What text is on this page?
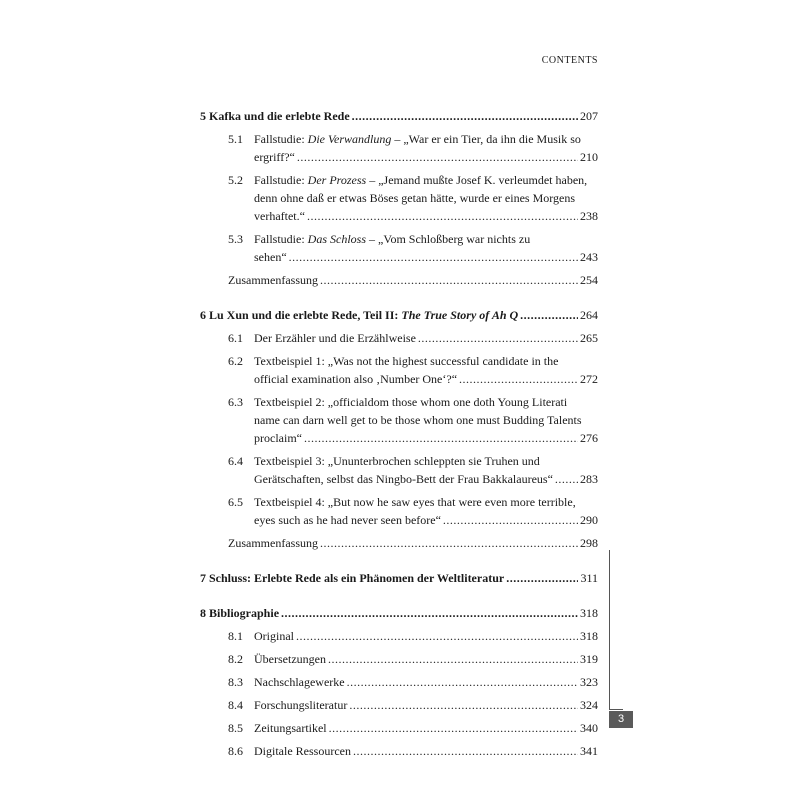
CONTENTS
5 Kafka und die erlebte Rede .....	207
5.1 Fallstudie: Die Verwandlung – „War er ein Tier, da ihn die Musik so
ergriff?“ .....	210
5.2 Fallstudie: Der Prozess – „Jemand mußte Josef K. verleumdet haben,
denn ohne daß er etwas Böses getan hätte, wurde er eines Morgens
verhaftet.“ .....	238
5.3 Fallstudie: Das Schloss – „Vom Schloßberg war nichts zu
sehen“ .....	243
Zusammenfassung .....	254
6 Lu Xun und die erlebte Rede, Teil II: The True Story of Ah Q .....	264
6.1 Der Erzähler und die Erzählweise .....	265
6.2 Textbeispiel 1: „Was not the highest successful candidate in the
official examination also ‚Number One‘?“ .....	272
6.3 Textbeispiel 2: „officialdom those whom one doth Young Literati
name can darn well get to be those whom one must Budding Talents
proclaim“ .....	276
6.4 Textbeispiel 3: „Ununterbrochen schleppten sie Truhen und
Gerätschaften, selbst das Ningbo-Bett der Frau Bakkalaureus“ ..... 283
6.5 Textbeispiel 4: „But now he saw eyes that were even more terrible,
eyes such as he had never seen before“ .....	290
Zusammenfassung .....	298
7 Schluss: Erlebte Rede als ein Phänomen der Weltliteratur .....	311
8 Bibliographie .....	318
8.1 Original .....	318
8.2 Übersetzungen .....	319
8.3 Nachschlagewerke .....	323
8.4 Forschungsliteratur .....	324
8.5 Zeitungsartikel .....	340
8.6 Digitale Ressourcen .....	341
3
